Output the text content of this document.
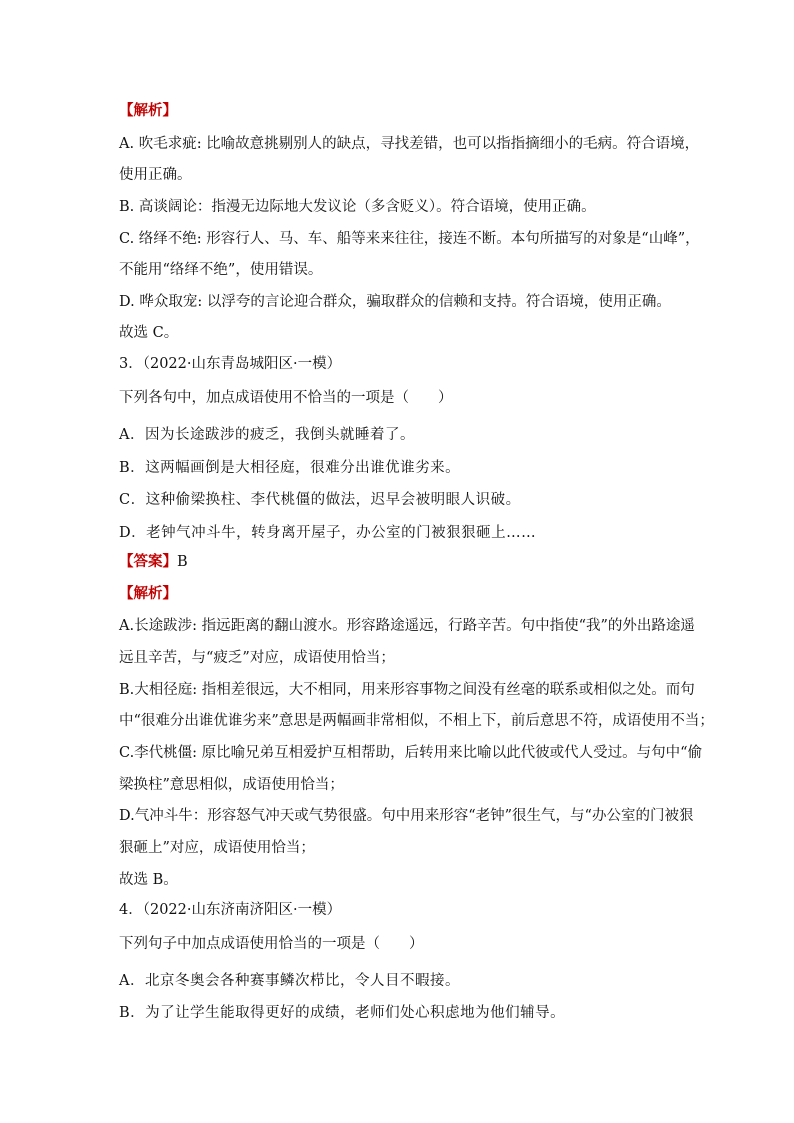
【解析】
A. 吹毛求疵: 比喻故意挑剔别人的缺点，寻找差错，也可以指指摘细小的毛病。符合语境，
使用正确。
B. 高谈阔论：指漫无边际地大发议论（多含贬义）。符合语境，使用正确。
C. 络绎不绝: 形容行人、马、车、船等来来往往，接连不断。本句所描写的对象是“山峰”，
不能用“络绎不绝”，使用错误。
D. 哗众取宠: 以浮夸的言论迎合群众，骗取群众的信赖和支持。符合语境，使用正确。
故选 C。
3．（2022·山东青岛城阳区·一模）
下列各句中，加点成语使用不恰当的一项是（　　）
A．因为长途跋涉的疲乏，我倒头就睡着了。
B．这两幅画倒是大相径庭，很难分出谁优谁劣来。
C．这种偷梁换柱、李代桃僵的做法，迟早会被明眼人识破。
D．老钟气冲斗牛，转身离开屋子，办公室的门被狠狠砸上……
【答案】B
【解析】
A.长途跋涉: 指远距离的翻山渡水。形容路途遥远，行路辛苦。句中指使“我”的外出路途遥
远且辛苦，与“疲乏”对应，成语使用恰当；
B.大相径庭: 指相差很远，大不相同，用来形容事物之间没有丝毫的联系或相似之处。而句
中“很难分出谁优谁劣来”意思是两幅画非常相似，不相上下，前后意思不符，成语使用不当；
C.李代桃僵: 原比喻兄弟互相爱护互相帮助，后转用来比喻以此代彼或代人受过。与句中“偷
梁换柱”意思相似，成语使用恰当；
D.气冲斗牛：形容怒气冲天或气势很盛。句中用来形容“老钟”很生气，与“办公室的门被狠
狠砸上”对应，成语使用恰当；
故选 B。
4．（2022·山东济南济阳区·一模）
下列句子中加点成语使用恰当的一项是（　　）
A．北京冬奥会各种赛事鳞次栉比，令人目不暇接。
B．为了让学生能取得更好的成绩，老师们处心积虑地为他们辅导。
